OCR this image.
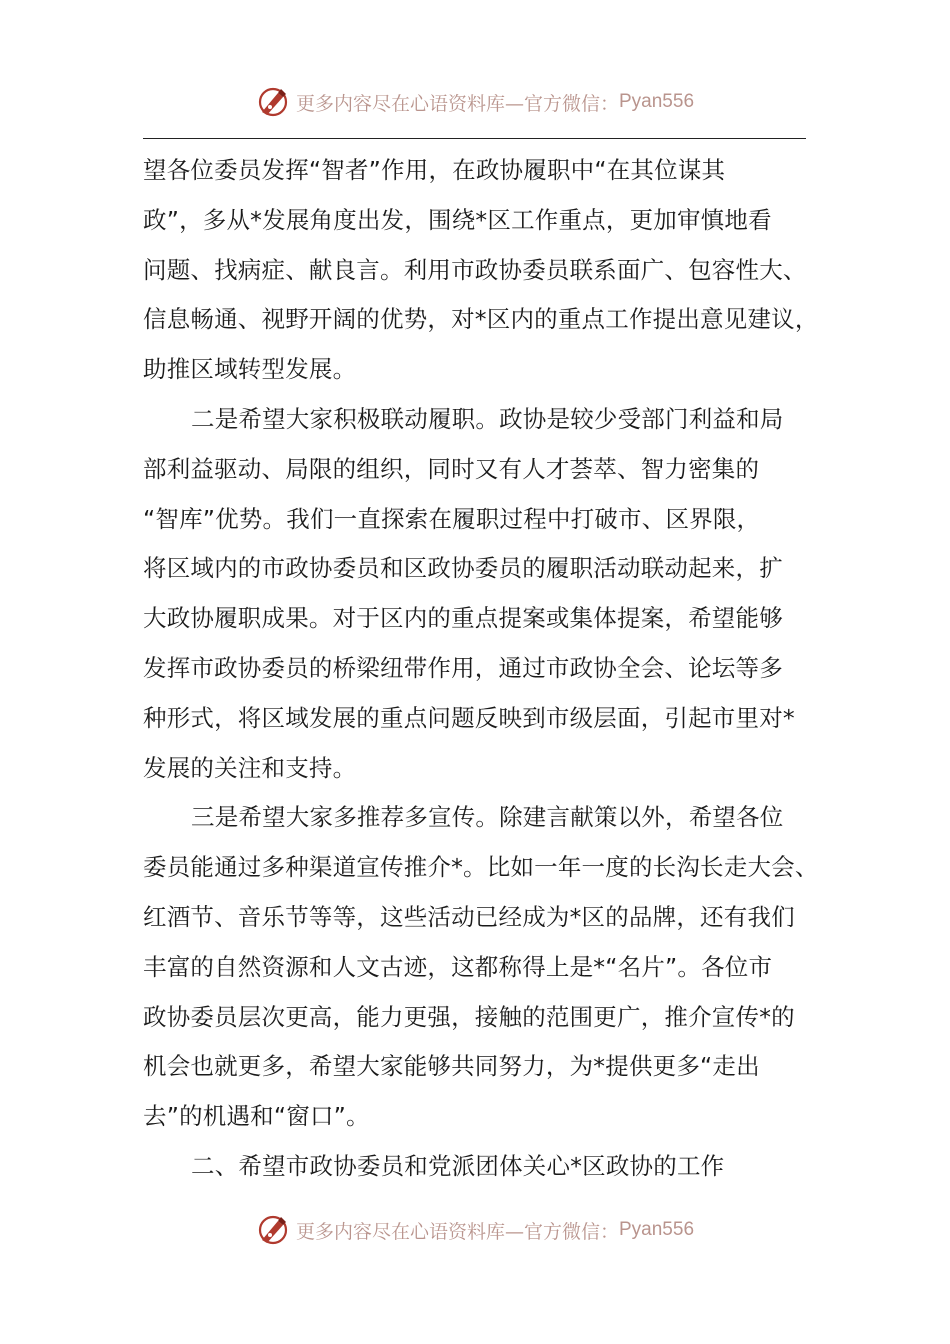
更多内容尽在心语资料库—官方微信： Pyan556
望各位委员发挥“智者”作用，在政协履职中“在其位谋其
政”，多从*发展角度出发，围绕*区工作重点，更加审慎地看
问题、找病症、献良言。利用市政协委员联系面广、包容性大、
信息畅通、视野开阔的优势，对*区内的重点工作提出意见建议，
助推区域转型发展。
二是希望大家积极联动履职。政协是较少受部门利益和局
部利益驱动、局限的组织，同时又有人才荟萃、智力密集的
“智库”优势。我们一直探索在履职过程中打破市、区界限，
将区域内的市政协委员和区政协委员的履职活动联动起来，扩
大政协履职成果。对于区内的重点提案或集体提案，希望能够
发挥市政协委员的桥梁纽带作用，通过市政协全会、论坛等多
种形式，将区域发展的重点问题反映到市级层面，引起市里对*
发展的关注和支持。
三是希望大家多推荐多宣传。除建言献策以外，希望各位
委员能通过多种渠道宣传推介*。比如一年一度的长沟长走大会、
红酒节、音乐节等等，这些活动已经成为*区的品牌，还有我们
丰富的自然资源和人文古迹，这都称得上是*“名片”。各位市
政协委员层次更高，能力更强，接触的范围更广，推介宣传*的
机会也就更多，希望大家能够共同努力，为*提供更多“走出
去”的机遇和“窗口”。
二、希望市政协委员和党派团体关心*区政协的工作
更多内容尽在心语资料库—官方微信： Pyan556
